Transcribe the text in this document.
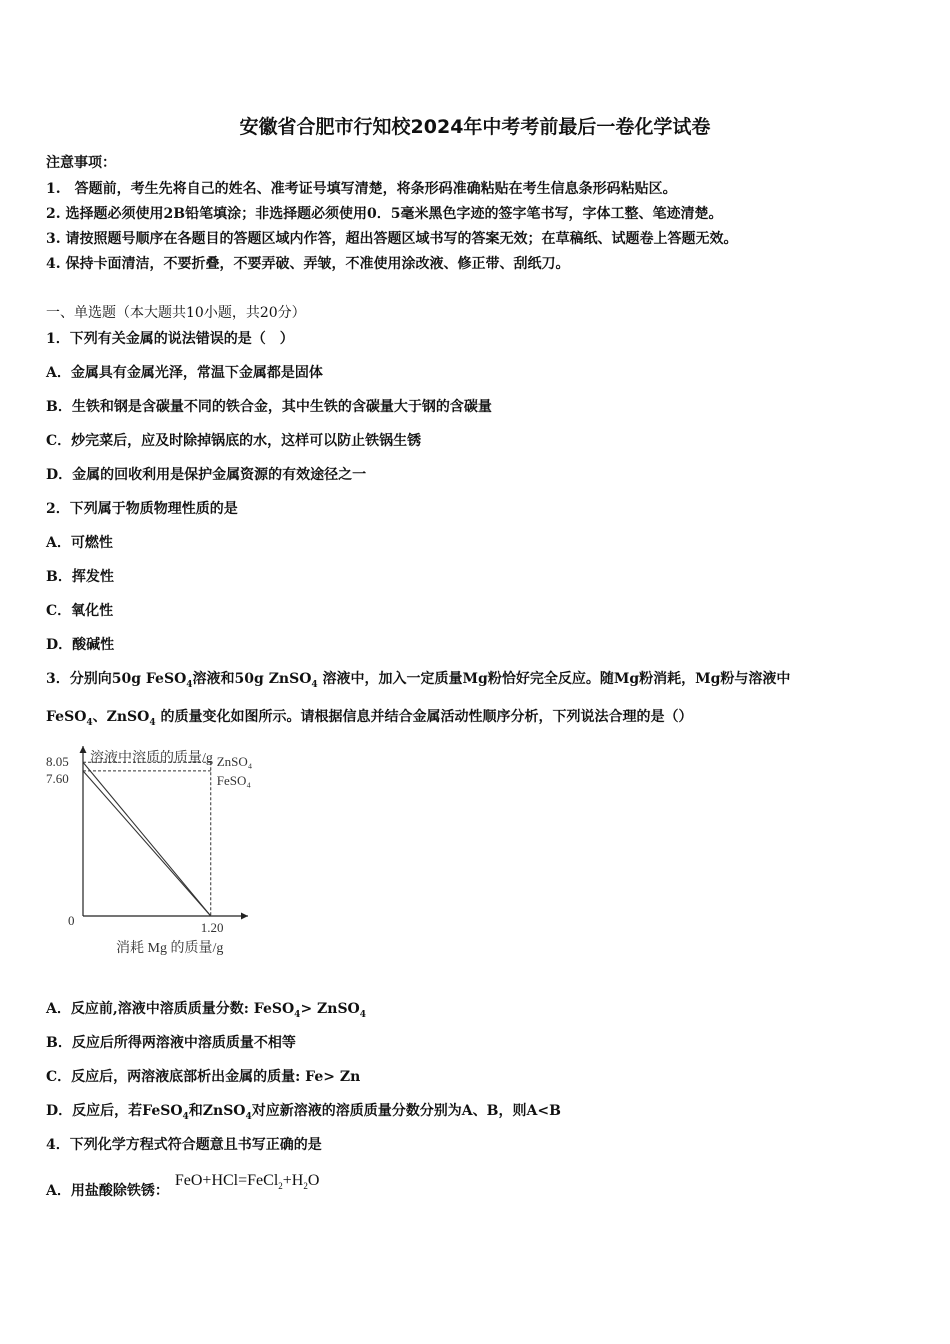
安徽省合肥市行知校2024年中考考前最后一卷化学试卷
注意事项：
1.　答题前，考生先将自己的姓名、准考证号填写清楚，将条形码准确粘贴在考生信息条形码粘贴区。
2. 选择题必须使用2B铅笔填涂；非选择题必须使用0．5毫米黑色字迹的签字笔书写，字体工整、笔迹清楚。
3. 请按照题号顺序在各题目的答题区域内作答，超出答题区域书写的答案无效；在草稿纸、试题卷上答题无效。
4. 保持卡面清洁，不要折叠，不要弄破、弄皱，不准使用涂改液、修正带、刮纸刀。
一、单选题（本大题共10小题，共20分）
1．下列有关金属的说法错误的是（　）
A．金属具有金属光泽，常温下金属都是固体
B．生铁和钢是含碳量不同的铁合金，其中生铁的含碳量大于钢的含碳量
C．炒完菜后，应及时除掉锅底的水，这样可以防止铁锅生锈
D．金属的回收利用是保护金属资源的有效途径之一
2．下列属于物质物理性质的是
A．可燃性
B．挥发性
C．氧化性
D．酸碱性
3．分别向50g FeSO$_4$溶液和50g ZnSO$_4$ 溶液中，加入一定质量Mg粉恰好完全反应。随Mg粉消耗，Mg粉与溶液中
FeSO$_4$、ZnSO$_4$ 的质量变化如图所示。请根据信息并结合金属活动性顺序分析，下列说法合理的是（）
溶液中溶质的质量/g
消耗 Mg 的质量/g
0
8.05
7.60
1.20
ZnSO₄
FeSO₄
A．反应前,溶液中溶质质量分数: FeSO$_4$> ZnSO$_4$
B．反应后所得两溶液中溶质质量不相等
C．反应后，两溶液底部析出金属的质量: Fe> Zn
D．反应后，若FeSO$_4$和ZnSO$_4$对应新溶液的溶质质量分数分别为A、B，则A<B
4．下列化学方程式符合题意且书写正确的是
A．用盐酸除铁锈：$FeO+HCl=FeCl_2+H_2O$
